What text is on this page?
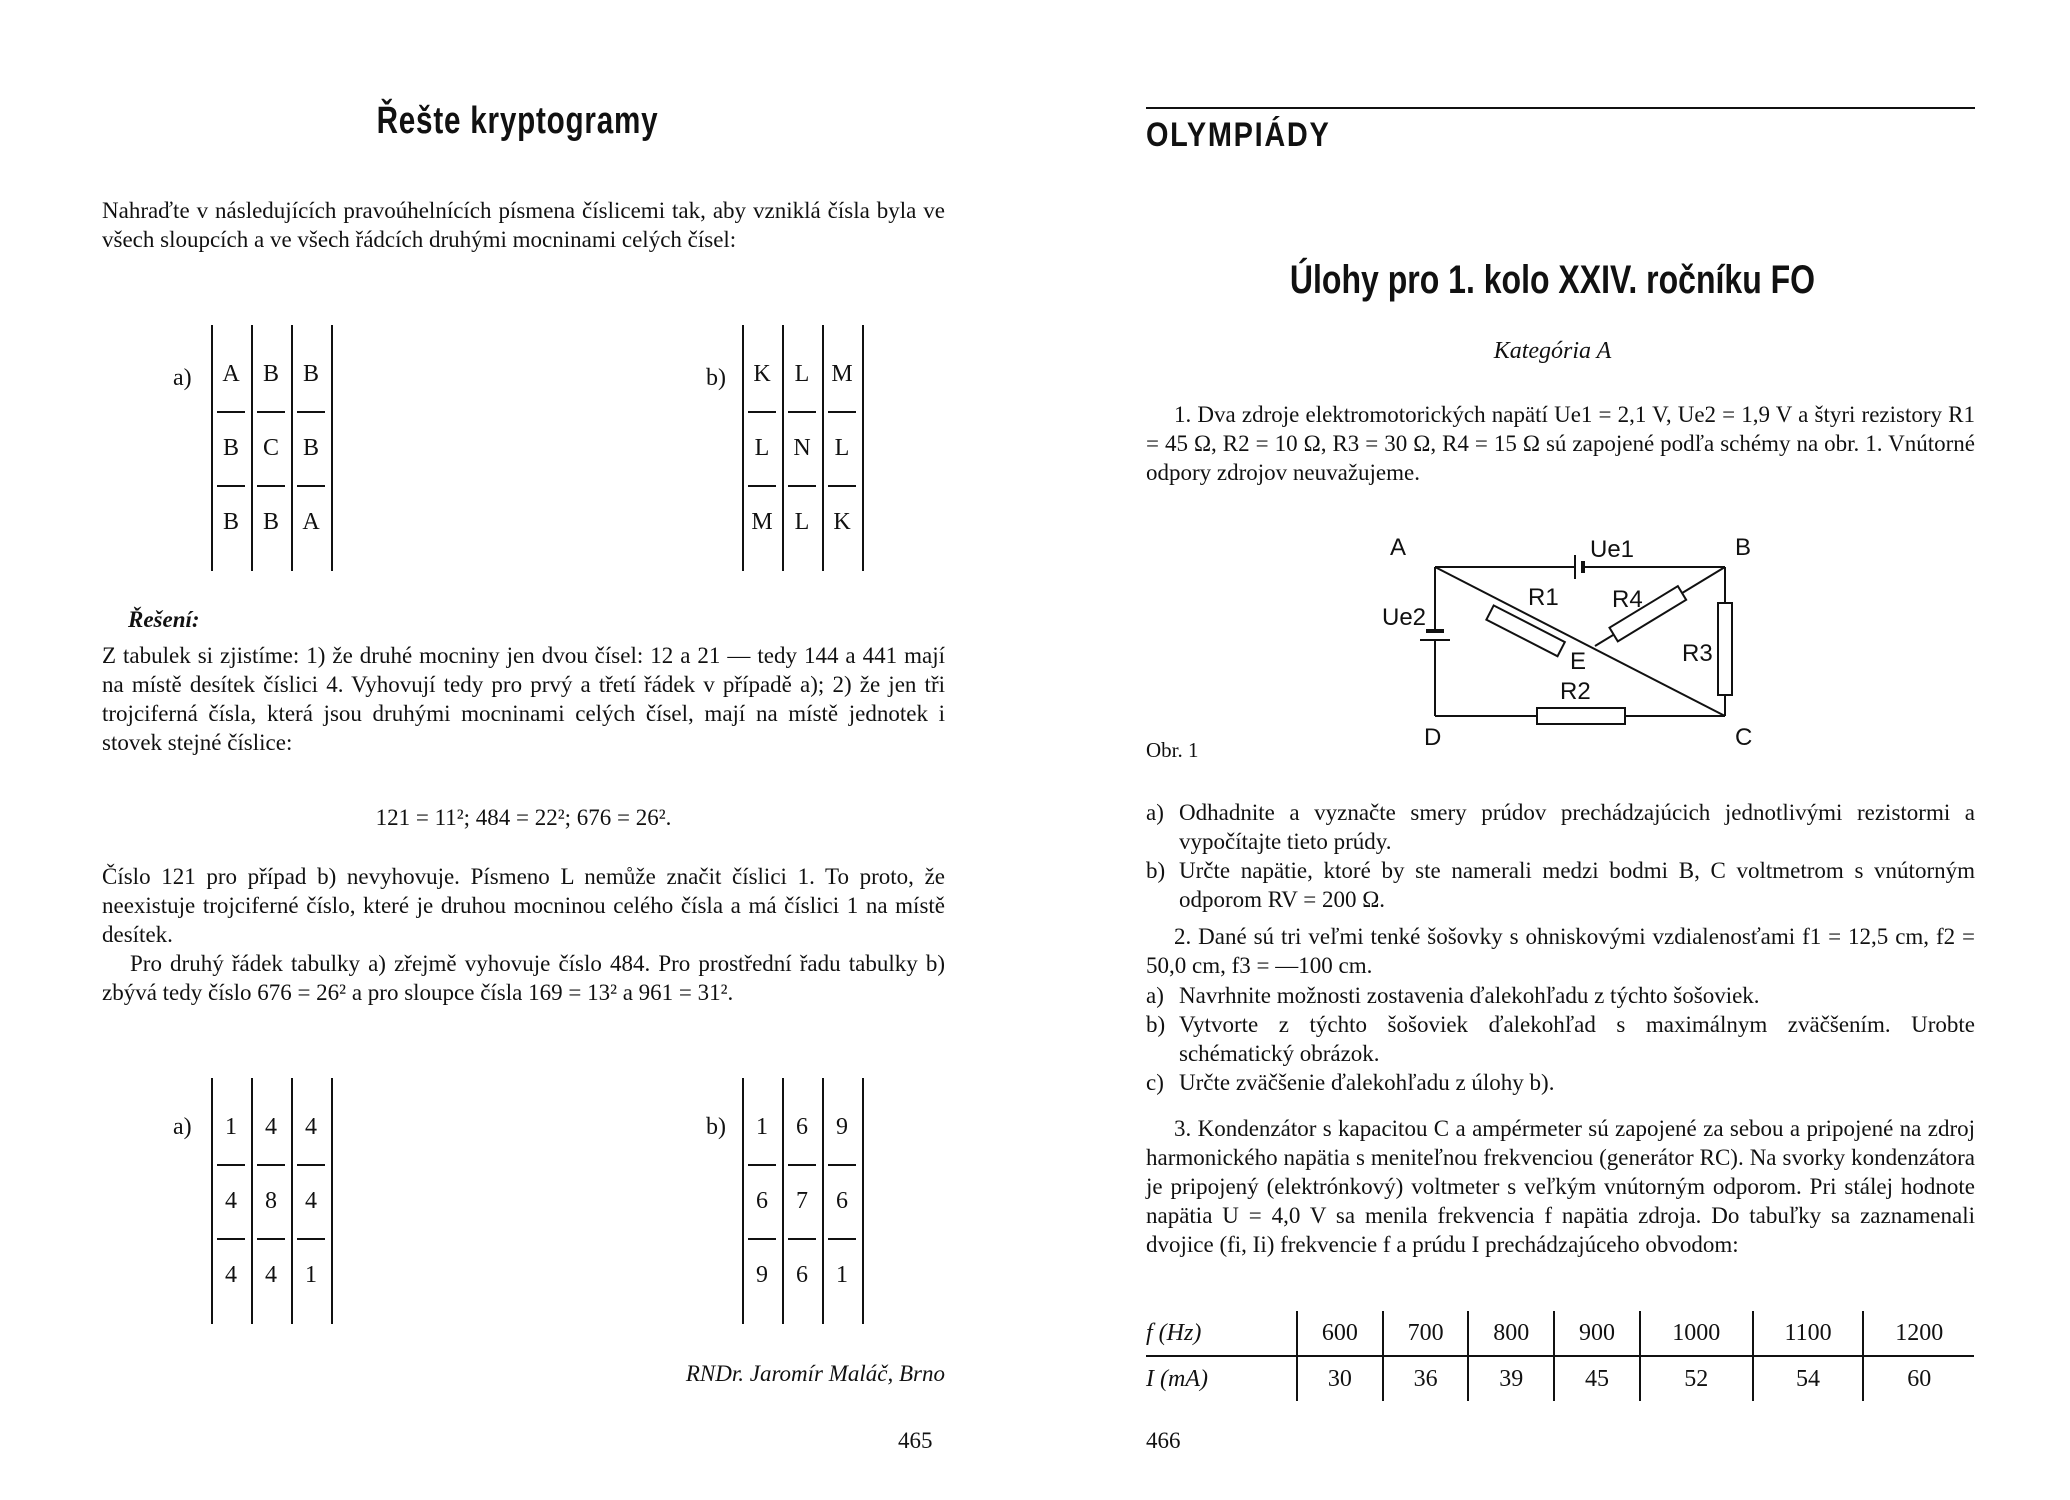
Řešte kryptogramy

Nahraďte v následujících pravoúhelnících písmena číslicemi tak, aby vzniklá čísla byla ve všech sloupcích a ve všech řádcích druhými mocninami celých čísel:

a)	A B B
B C B
B B A
b)	K L M
L	N L
M L	K
Řešení:

Z tabulek si zjistíme: 1) že druhé mocniny jen dvou čísel: 12 a 21 — tedy 144 a 441 mají na místě desítek číslici 4. Vyhovují tedy pro prvý a třetí řádek v případě a); 2) že jen tři trojciferná čísla, která jsou druhými mocninami celých čísel, mají na místě jednotek i stovek stejné číslice:

121 = 11²; 484 = 22²; 676 = 26².

Číslo 121 pro případ b) nevyhovuje. Písmeno L nemůže značit číslici 1. To proto, že neexistuje trojciferné číslo, které je druhou mocninou celého čísla a má číslici 1 na místě desítek.

Pro druhý řádek tabulky a) zřejmě vyhovuje číslo 484. Pro prostřední řadu tabulky b) zbývá tedy číslo 676 = 26² a pro sloupce čísla 169 = 13² a 961 = 31².

a)	1	4	4
4	8	4
4	4	1
b)	1	6	9
6	7	6
9	6	1
RNDr. Jaromír Maláč, Brno
465
OLYMPIÁDY
Úlohy pro 1. kolo XXIV. ročníku FO
Kategória A

1. Dva zdroje elektromotorických napätí Ue1 = 2,1 V, Ue2 = 1,9 V a štyri rezistory R1 = 45 Ω, R2 = 10 Ω, R3 = 30 Ω, R4 = 15 Ω sú zapojené podľa schémy na obr. 1. Vnútorné odpory zdrojov neuvažujeme.

A	B
C
D
E
Ue1
Ue2
R1 R4
R3
R2
Obr. 1
a) Odhadnite a vyznačte smery prúdov prechádzajúcich jednotlivými rezistormi a vypočítajte tieto prúdy.

b) Určte napätie, ktoré by ste namerali medzi bodmi B, C voltmetrom s vnútorným odporom RV = 200 Ω.

2. Dané sú tri veľmi tenké šošovky s ohniskovými vzdialenosťami f1 = 12,5 cm, f2 = 50,0 cm, f3 = —100 cm.

a) Navrhnite možnosti zostavenia ďalekohľadu z týchto šošoviek.

b) Vytvorte z týchto šošoviek ďalekohľad s maximálnym zväčšením. Urobte schématický obrázok.

c) Určte zväčšenie ďalekohľadu z úlohy b).

3. Kondenzátor s kapacitou C a ampérmeter sú zapojené za sebou a pripojené na zdroj harmonického napätia s meniteľnou frekvenciou (generátor RC). Na svorky kondenzátora je pripojený (elektrónkový) voltmeter s veľkým vnútorným odporom. Pri stálej hodnote napätia U = 4,0 V sa menila frekvencia f napätia zdroja. Do tabuľky sa zaznamenali dvojice (fi, Ii) frekvencie f a prúdu I prechádzajúceho obvodom:

f (Hz)	600	700	800	900	1000	1100	1200
I (mA)	30	36	39	45	52	54	60
466
